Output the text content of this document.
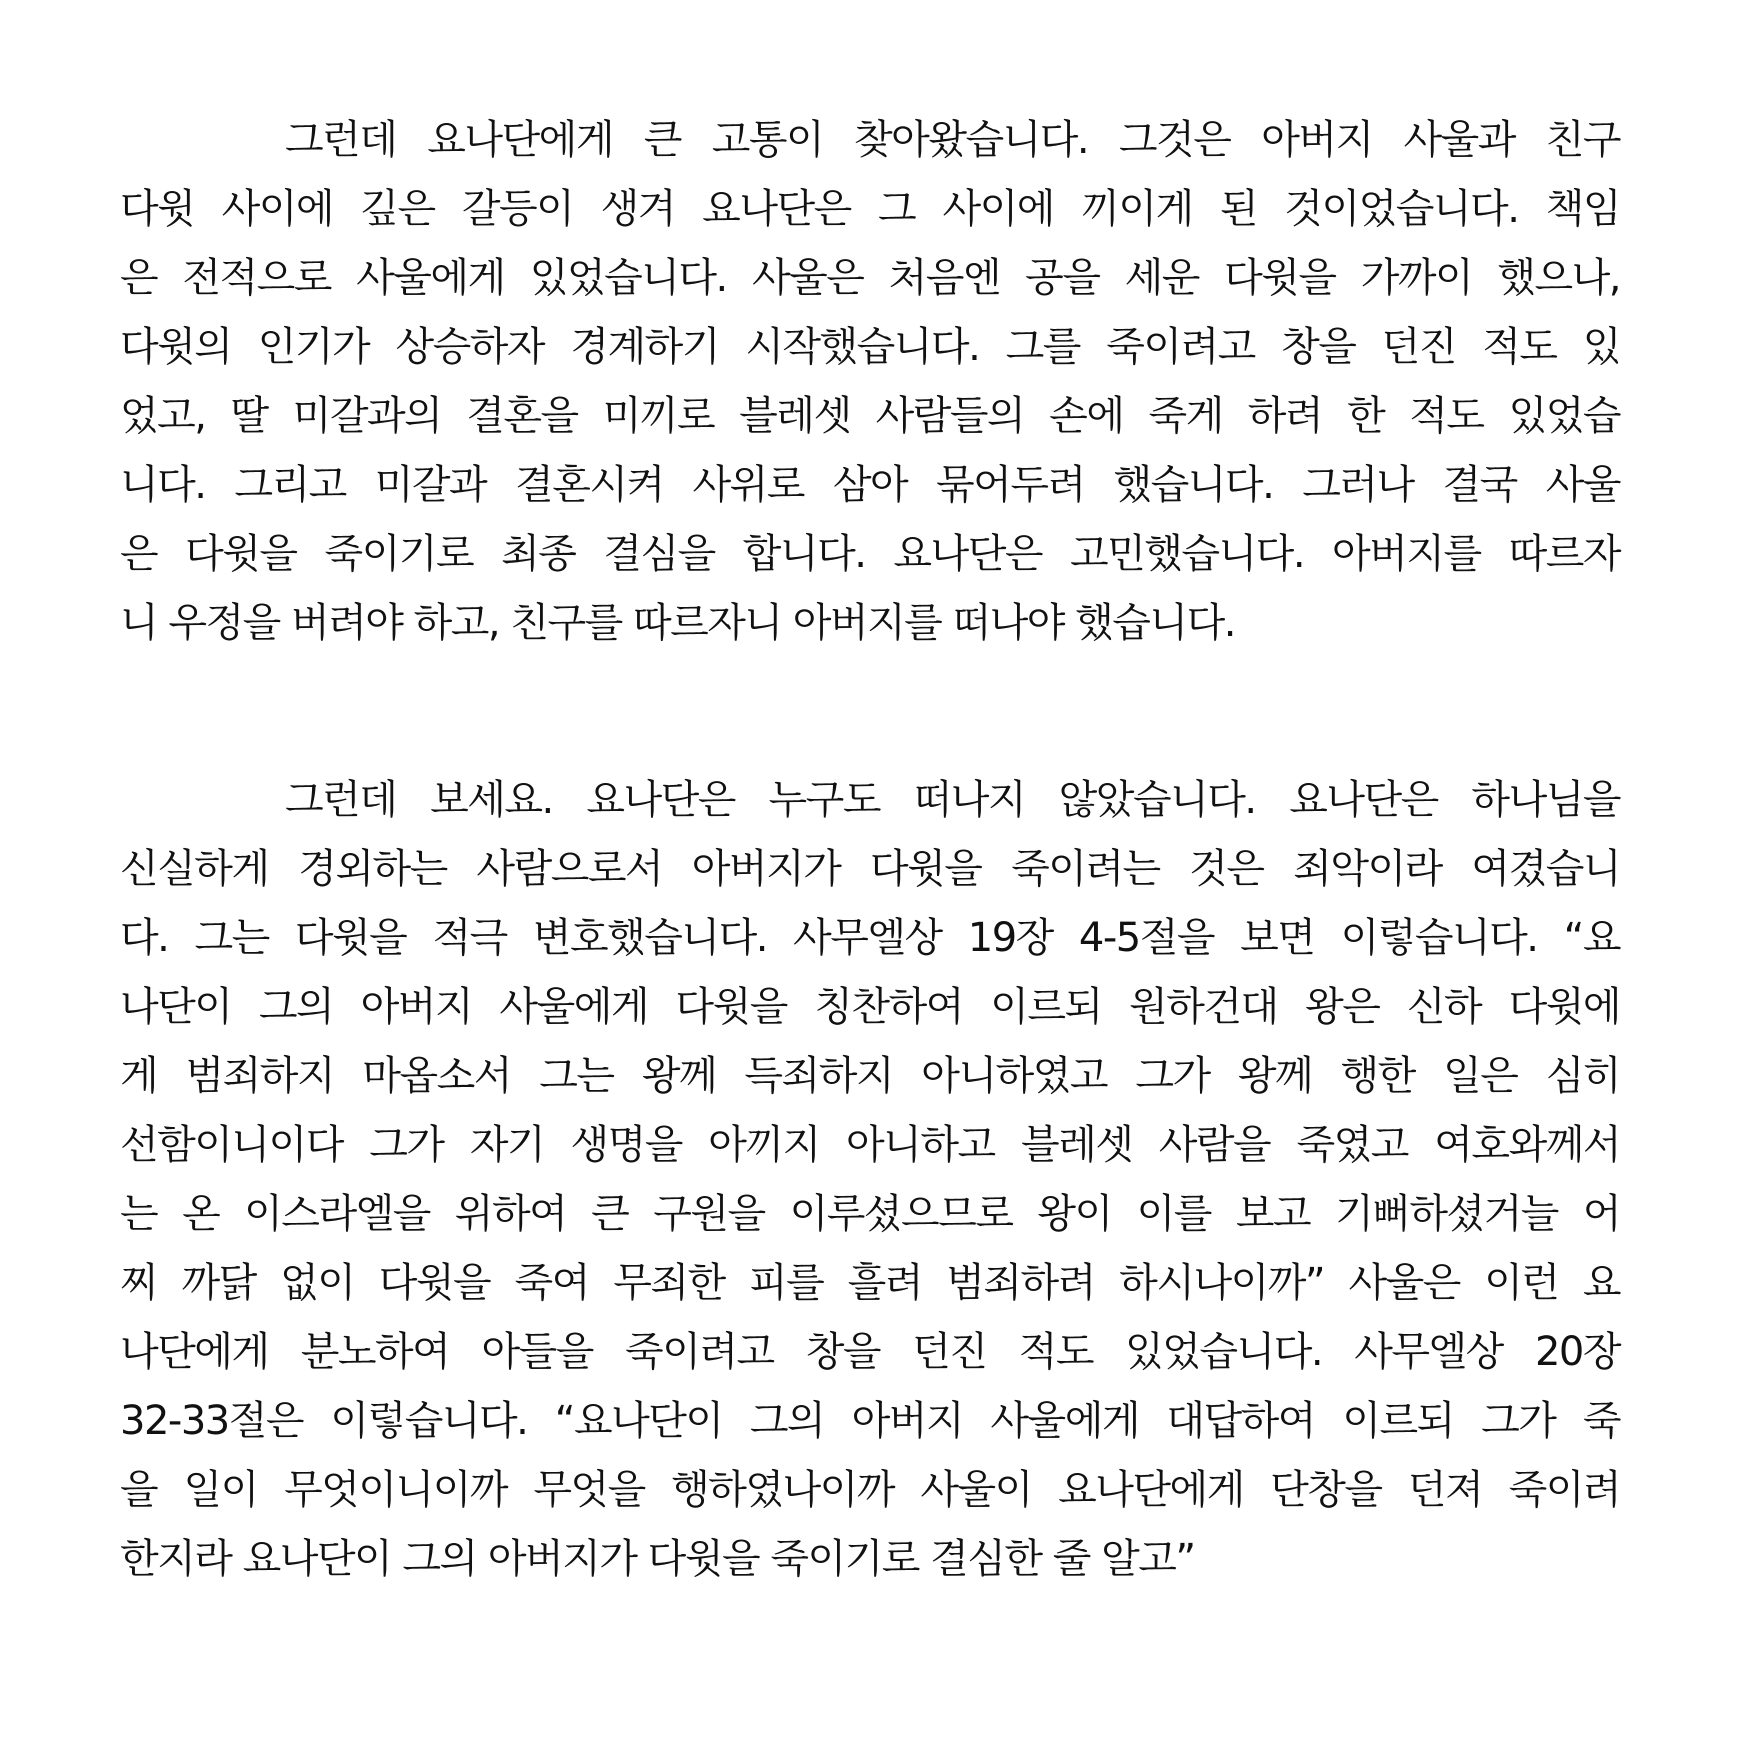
그런데 요나단에게 큰 고통이 찾아왔습니다. 그것은 아버지 사울과 친구
다윗 사이에 깊은 갈등이 생겨 요나단은 그 사이에 끼이게 된 것이었습니다. 책임
은 전적으로 사울에게 있었습니다. 사울은 처음엔 공을 세운 다윗을 가까이 했으나,
다윗의 인기가 상승하자 경계하기 시작했습니다. 그를 죽이려고 창을 던진 적도 있
었고, 딸 미갈과의 결혼을 미끼로 블레셋 사람들의 손에 죽게 하려 한 적도 있었습
니다. 그리고 미갈과 결혼시켜 사위로 삼아 묶어두려 했습니다. 그러나 결국 사울
은 다윗을 죽이기로 최종 결심을 합니다. 요나단은 고민했습니다. 아버지를 따르자
니 우정을 버려야 하고, 친구를 따르자니 아버지를 떠나야 했습니다.
그런데 보세요. 요나단은 누구도 떠나지 않았습니다. 요나단은 하나님을
신실하게 경외하는 사람으로서 아버지가 다윗을 죽이려는 것은 죄악이라 여겼습니
다. 그는 다윗을 적극 변호했습니다. 사무엘상 19장 4-5절을 보면 이렇습니다. “요
나단이 그의 아버지 사울에게 다윗을 칭찬하여 이르되 원하건대 왕은 신하 다윗에
게 범죄하지 마옵소서 그는 왕께 득죄하지 아니하였고 그가 왕께 행한 일은 심히
선함이니이다 그가 자기 생명을 아끼지 아니하고 블레셋 사람을 죽였고 여호와께서
는 온 이스라엘을 위하여 큰 구원을 이루셨으므로 왕이 이를 보고 기뻐하셨거늘 어
찌 까닭 없이 다윗을 죽여 무죄한 피를 흘려 범죄하려 하시나이까” 사울은 이런 요
나단에게 분노하여 아들을 죽이려고 창을 던진 적도 있었습니다. 사무엘상 20장
32-33절은 이렇습니다. “요나단이 그의 아버지 사울에게 대답하여 이르되 그가 죽
을 일이 무엇이니이까 무엇을 행하였나이까 사울이 요나단에게 단창을 던져 죽이려
한지라 요나단이 그의 아버지가 다윗을 죽이기로 결심한 줄 알고”
